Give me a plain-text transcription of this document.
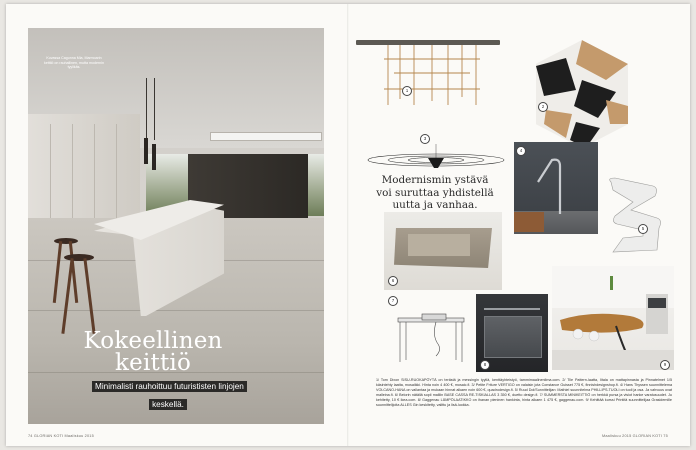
Kuvassa Cagunna Mia, Marmoarin keittiö on rauhallinen, mutta modernin tyylikäs.
Kokeellinen
keittiö
Minimalisti rauhoittuu futurististen linjojen keskellä.
74 GLORIAN KOTI Maaliskuu 2015
1
2
3
4
5
Modernismin ystävä
voi suruttaa yhdistellä
uutta ja vanhaa.
6
7
8	9
1/ Tom Dixon SISU-RUOKAPÖYTÄ on terästä ja messingin tyyliä, kenttäyhteistyö, tammimaalinenilma.com. 2/ Tile Pattern-laatta, Iitala on mattapinnasta ja Pinnatelmet 1/5 käsintehty laatta, mosaiikki. Hinta noin 4 400 €, mosaic.fi. 3/ Petite Friture VERTIGO on valaisin jota Constance Guisset 775 €, finnishdesignshop.fi. 4/ Hans Thyssen suunnittelema VOLCANO-HANA on vallantaa ja mukaan hinnat alkaen noin 600 €, quadrodesign.fi. 5/ Ruud Dol/Sunnittelijan: Mathiel suunnitelma PHILLIPS-TUOLI on tuoli ja osa. Ja vahvuus ovat malleina.fi. 6/ Belorin nätällä sopii malliin BASE CASSA RE-TISKIALLAS 3 350 €, duetto design.fi. 7/ SUMMERSTA MINIKEITTIÖ on herkkä pursa ja visiot hanke varatusuudet. Ju kehitetty, 10 € ikea.com. 8/ Gaggenau LÄMPÖLAATIKKO on ihanan pieninen hankinta, hinta alkaen 1 475 €, gaggenau.com. 9/ Kehittää kurssi Printitä suunnittelijaa Grasidemille suunnittelijoita ALLES Gin keskitetty, valittu ja lisä-luokka.
Maaliskuu 2015 GLORIAN KOTI 75
